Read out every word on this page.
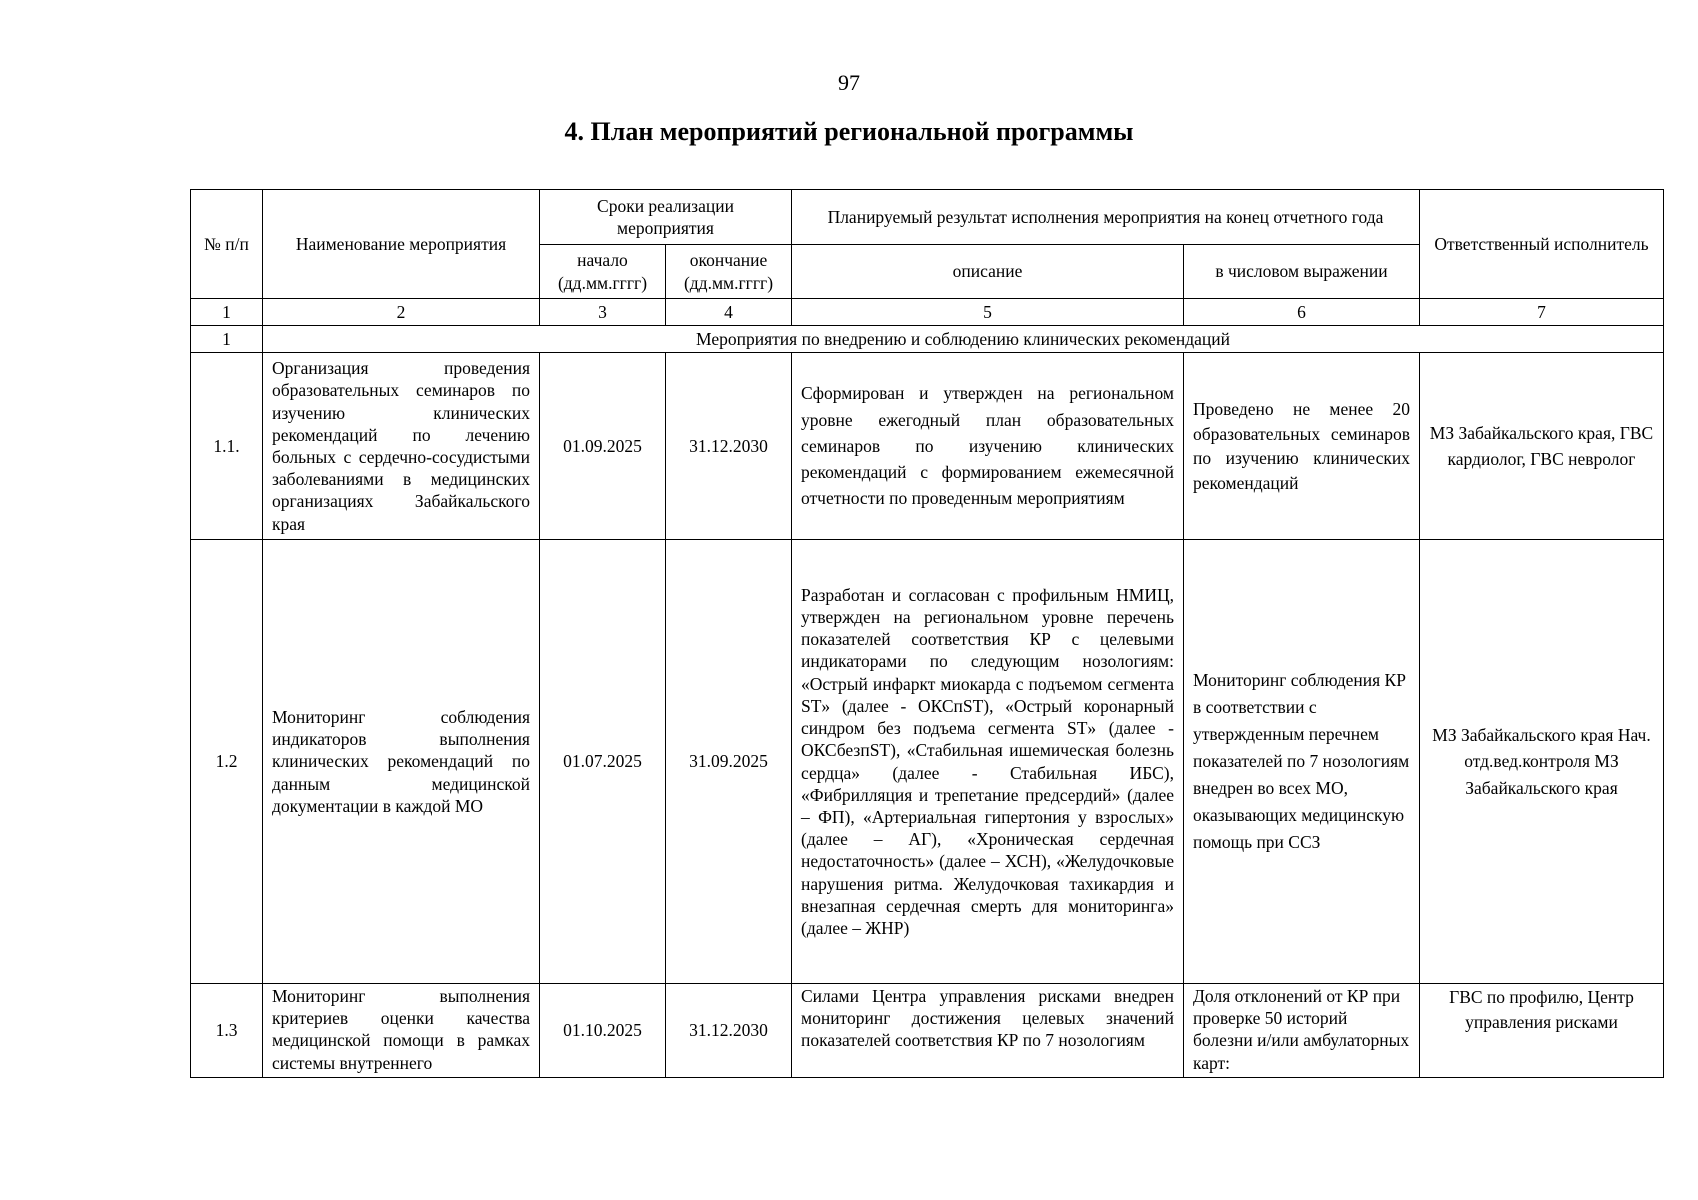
97
4. План мероприятий региональной программы
№ п/п	Наименование мероприятия	Сроки реализации мероприятия		Планируемый результат исполнения мероприятия на конец отчетного года		Ответственный исполнитель
		начало (дд.мм.гггг)	окончание (дд.мм.гггг)	описание	в числовом выражении	
1	2	3	4	5	6	7
1	Мероприятия по внедрению и соблюдению клинических рекомендаций					
1.1.	Организация проведения образовательных семинаров по изучению клинических рекомендаций по лечению больных с сердечно-сосудистыми заболеваниями в медицинских организациях Забайкальского края	01.09.2025	31.12.2030	Сформирован и утвержден на региональном уровне ежегодный план образовательных семинаров по изучению клинических рекомендаций с формированием ежемесячной отчетности по проведенным мероприятиям	Проведено не менее 20 образовательных семинаров по изучению клинических рекомендаций	МЗ Забайкальского края, ГВС кардиолог, ГВС невролог
1.2	Мониторинг соблюдения индикаторов выполнения клинических рекомендаций по данным медицинской документации в каждой МО	01.07.2025	31.09.2025	Разработан и согласован с профильным НМИЦ, утвержден на региональном уровне перечень показателей соответствия КР с целевыми индикаторами по следующим нозологиям: «Острый инфаркт миокарда с подъемом сегмента ST» (далее - ОКСпST), «Острый коронарный синдром без подъема сегмента ST» (далее - ОКСбезпST), «Стабильная ишемическая болезнь сердца» (далее - Стабильная ИБС), «Фибрилляция и трепетание предсердий» (далее – ФП), «Артериальная гипертония у взрослых» (далее – АГ), «Хроническая сердечная недостаточность» (далее – ХСН), «Желудочковые нарушения ритма. Желудочковая тахикардия и внезапная сердечная смерть для мониторинга» (далее – ЖНР)	Мониторинг соблюдения КР в соответствии с утвержденным перечнем показателей по 7 нозологиям внедрен во всех МО, оказывающих медицинскую помощь при ССЗ	МЗ Забайкальского края Нач. отд.вед.контроля МЗ Забайкальского края
1.3	Мониторинг выполнения критериев оценки качества медицинской помощи в рамках системы внутреннего	01.10.2025	31.12.2030	Силами Центра управления рисками внедрен мониторинг достижения целевых значений показателей соответствия КР по 7 нозологиям	Доля отклонений от КР при проверке 50 историй болезни и/или амбулаторных карт:	ГВС по профилю, Центр управления рисками
